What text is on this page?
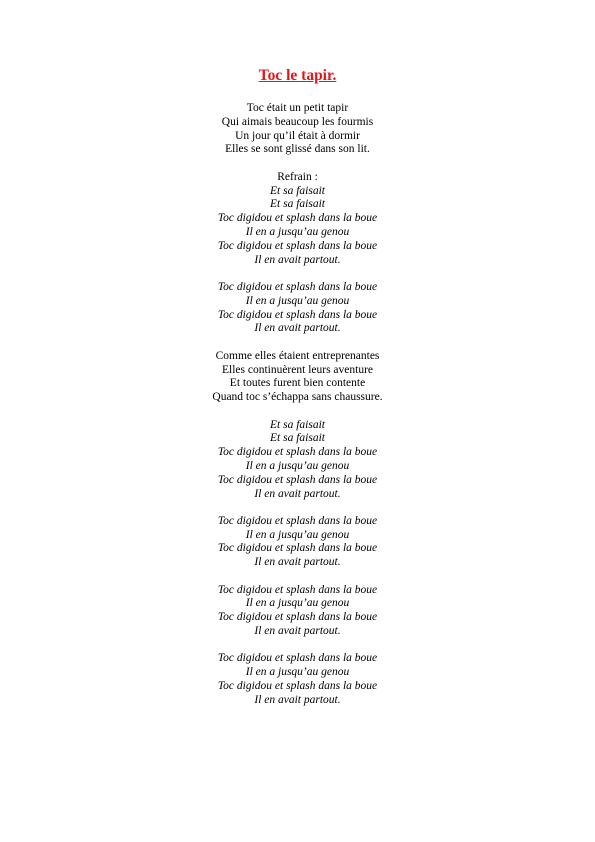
Toc le tapir.
Toc était un petit tapir
Qui aimais beaucoup les fourmis
Un jour qu’il était à dormir
Elles se sont glissé dans son lit.
Refrain :
Et sa faisait
Et sa faisait
Toc digidou et splash dans la boue
Il en a jusqu’au genou
Toc digidou et splash dans la boue
Il en avait partout.
Toc digidou et splash dans la boue
Il en a jusqu’au genou
Toc digidou et splash dans la boue
Il en avait partout.
Comme elles étaient entreprenantes
Elles continuèrent leurs aventure
Et toutes furent bien contente
Quand toc s’échappa sans chaussure.
Et sa faisait
Et sa faisait
Toc digidou et splash dans la boue
Il en a jusqu’au genou
Toc digidou et splash dans la boue
Il en avait partout.
Toc digidou et splash dans la boue
Il en a jusqu’au genou
Toc digidou et splash dans la boue
Il en avait partout.
Toc digidou et splash dans la boue
Il en a jusqu’au genou
Toc digidou et splash dans la boue
Il en avait partout.
Toc digidou et splash dans la boue
Il en a jusqu’au genou
Toc digidou et splash dans la boue
Il en avait partout.
